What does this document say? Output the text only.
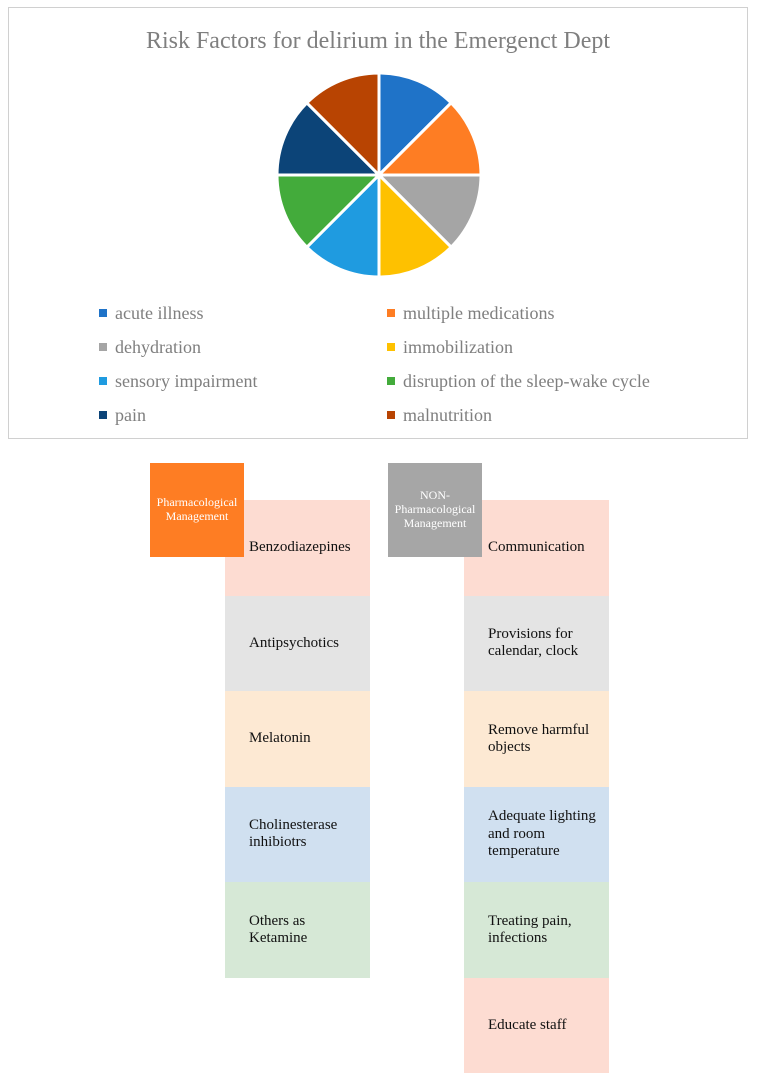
Risk Factors for delirium in the Emergenct Dept
acute illness	multiple medications
dehydration	immobilization
sensory impairment	disruption of the sleep-wake cycle
pain	malnutrition
Pharmacological Management
NON-Pharmacological Management
Benzodiazepines
Antipsychotics
Melatonin
Cholinesterase inhibiotrs
Others as Ketamine
Communication
Provisions for calendar, clock
Remove harmful objects
Adequate lighting and room temperature
Treating pain, infections
Educate staff
